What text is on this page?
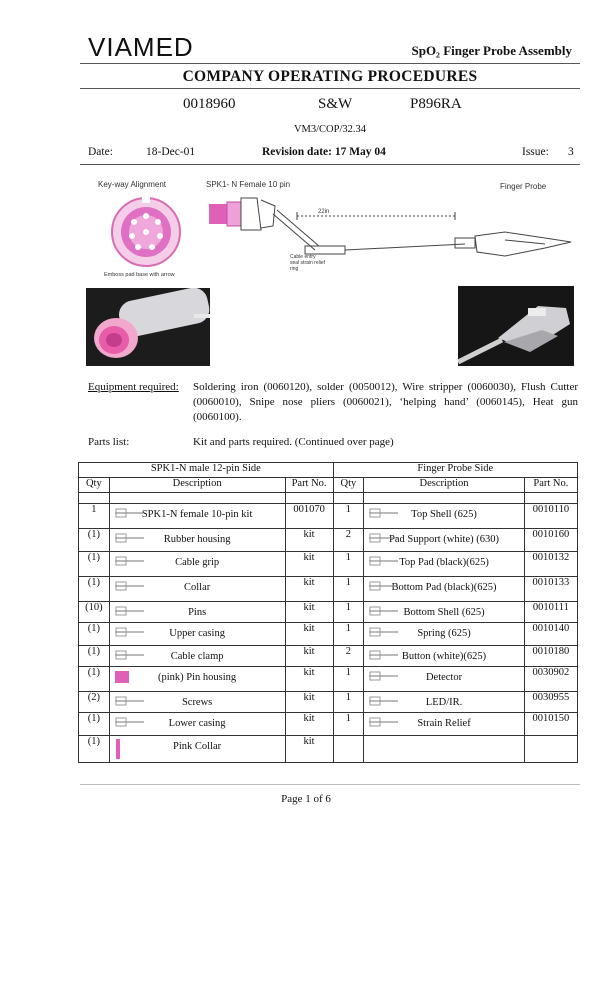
VIAMED	SpO₂ Finger Probe Assembly
COMPANY OPERATING PROCEDURES
0018960	S&W	P896RA
VM3/COP/32.34
Date:	18-Dec-01	Revision date: 17 May 04	Issue: 3
Key-way Alignment	SPK1- N Female 10 pin	Finger Probe
Emboss pad base with arrow
22in
Cable entry
seal strain relief
ring
Equipment required: Soldering iron (0060120), solder (0050012), Wire stripper (0060030), Flush Cutter (0060010), Snipe nose pliers (0060021), ‘helping hand’ (0060145), Heat gun (0060100).
Parts list:	Kit and parts required. (Continued over page)
SPK1-N male 12-pin Side			Finger Probe Side		
Qty	Description	Part No.	Qty	Description	Part No.

1	SPK1-N female 10-pin kit	001070	1	Top Shell (625)	0010110
(1)	Rubber housing	kit	2	Pad Support (white) (630)	0010160
(1)	Cable grip	kit	1	Top Pad (black)(625)	0010132
(1)	Collar	kit	1	Bottom Pad (black)(625)	0010133
(10)	Pins	kit	1	Bottom Shell (625)	0010111
(1)	Upper casing	kit	1	Spring (625)	0010140
(1)	Cable clamp	kit	2	Button (white)(625)	0010180
(1)	(pink) Pin housing	kit	1	Detector	0030902
(2)	Screws	kit	1	LED/IR.	0030955
(1)	Lower casing	kit	1	Strain Relief	0010150
(1)	Pink Collar	kit		

Page 1 of 6
